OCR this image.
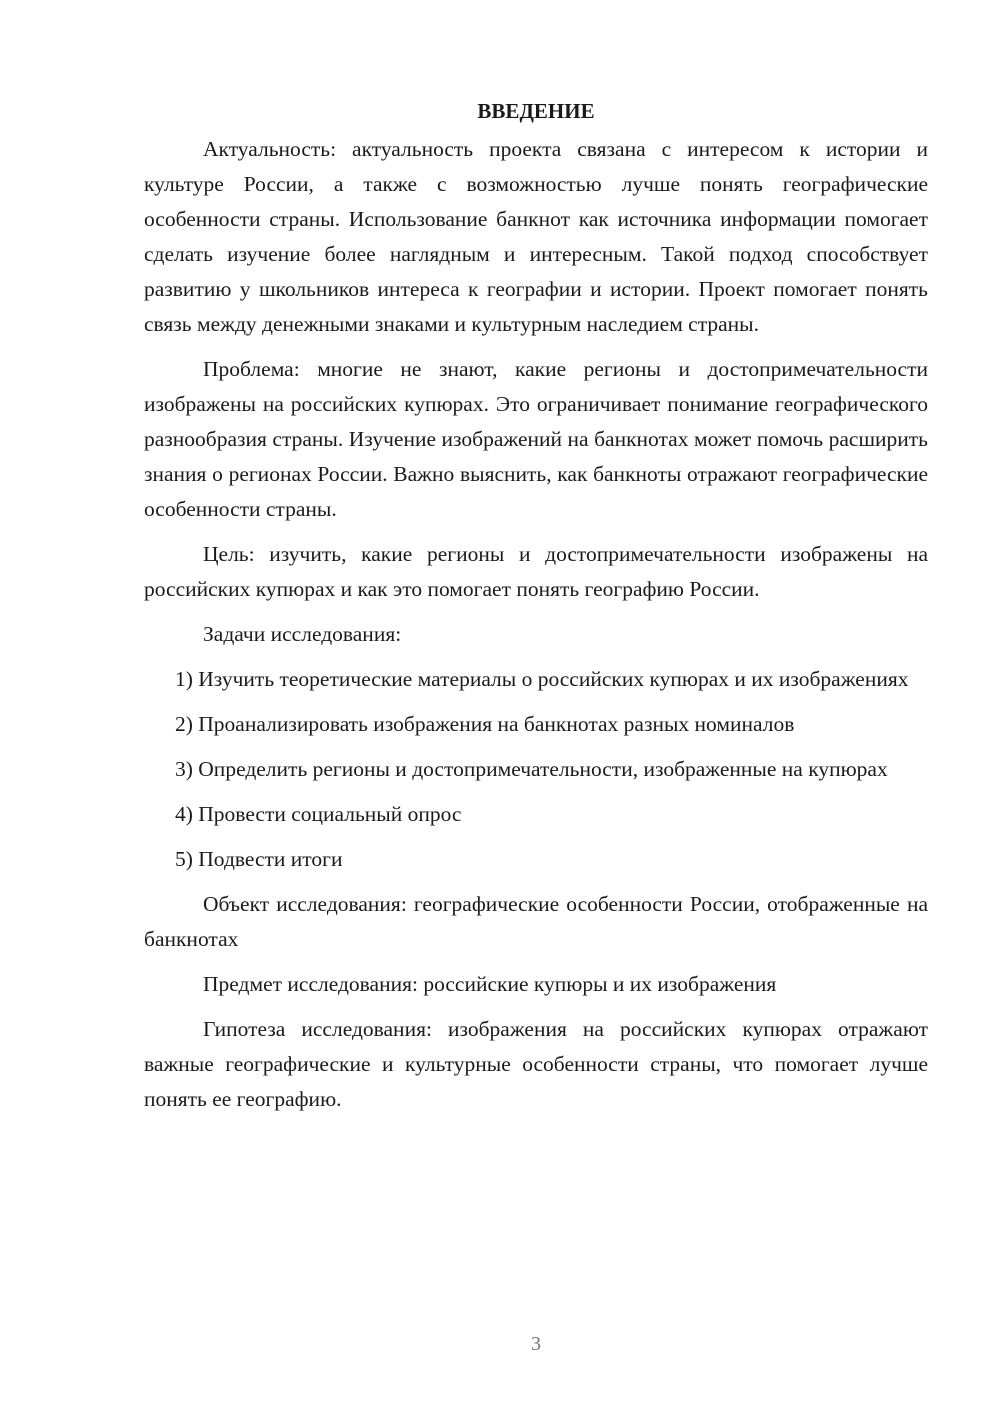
ВВЕДЕНИЕ

Актуальность: актуальность проекта связана с интересом к истории и культуре России, а также с возможностью лучше понять географические особенности страны. Использование банкнот как источника информации помогает сделать изучение более наглядным и интересным. Такой подход способствует развитию у школьников интереса к географии и истории. Проект помогает понять связь между денежными знаками и культурным наследием страны.

Проблема: многие не знают, какие регионы и достопримечательности изображены на российских купюрах. Это ограничивает понимание географического разнообразия страны. Изучение изображений на банкнотах может помочь расширить знания о регионах России. Важно выяснить, как банкноты отражают географические особенности страны.

Цель: изучить, какие регионы и достопримечательности изображены на российских купюрах и как это помогает понять географию России.

Задачи исследования:

1) Изучить теоретические материалы о российских купюрах и их изображениях

2) Проанализировать изображения на банкнотах разных номиналов

3) Определить регионы и достопримечательности, изображенные на купюрах

4) Провести социальный опрос

5) Подвести итоги

Объект исследования: географические особенности России, отображенные на банкнотах

Предмет исследования: российские купюры и их изображения

Гипотеза исследования: изображения на российских купюрах отражают важные географические и культурные особенности страны, что помогает лучше понять ее географию.

3
